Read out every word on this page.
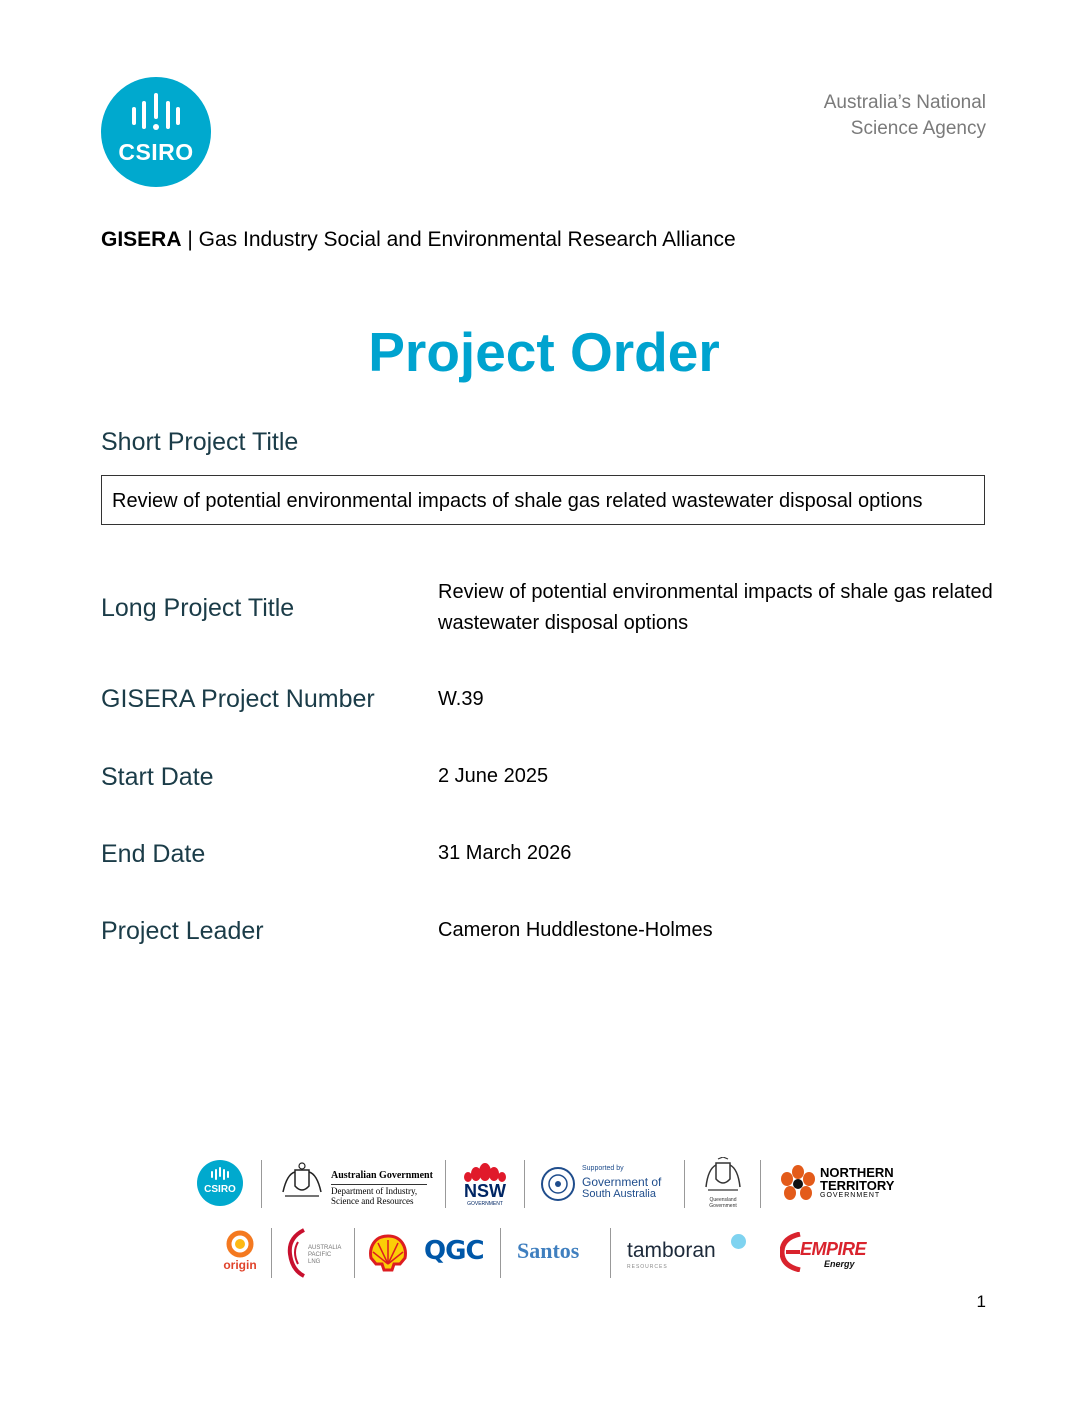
CSIRO
Australia’s National
Science Agency
GISERA | Gas Industry Social and Environmental Research Alliance
Project Order
Short Project Title
Review of potential environmental impacts of shale gas related wastewater disposal options
Long Project Title
Review of potential environmental impacts of shale gas related wastewater disposal options
GISERA Project Number	W.39
Start Date	2 June 2025
End Date	31 March 2026
Project Leader	Cameron Huddlestone-Holmes
CSIRO
Australian Government
Department of Industry,
Science and Resources	NSW
GOVERNMENT
Supported by
Government of
South Australia	Queensland Government
NORTHERN
TERRITORY
GOVERNMENT
origin
AUSTRALIA
PACIFIC
LNG	QGC Santos tamboran
RESOURCES
EMPIRE
Energy
1
